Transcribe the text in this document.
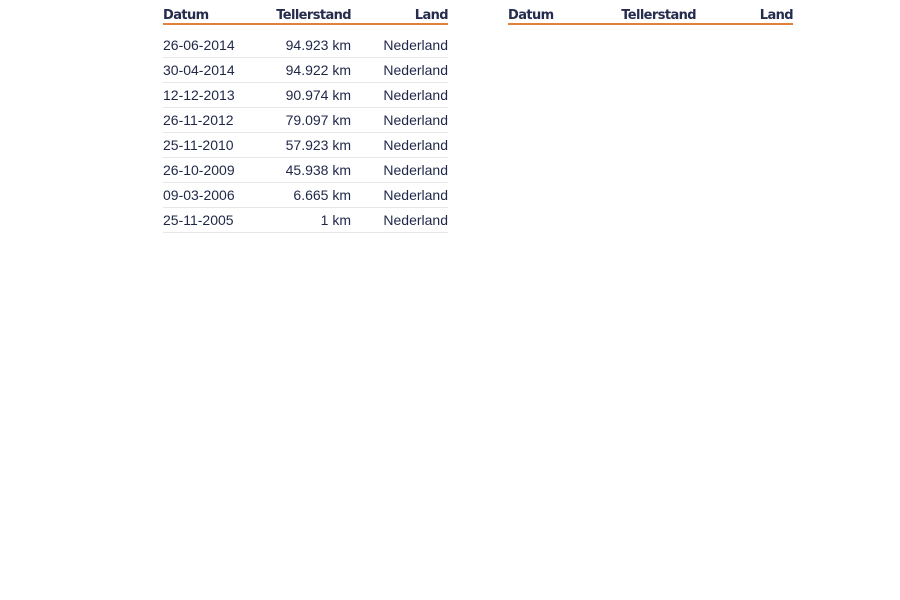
Datum	Tellerstand	Land
26-06-2014	94.923 km	Nederland
30-04-2014	94.922 km	Nederland
12-12-2013	90.974 km	Nederland
26-11-2012	79.097 km	Nederland
25-11-2010	57.923 km	Nederland
26-10-2009	45.938 km	Nederland
09-03-2006	6.665 km	Nederland
25-11-2005	1 km	Nederland
Datum	Tellerstand	Land
